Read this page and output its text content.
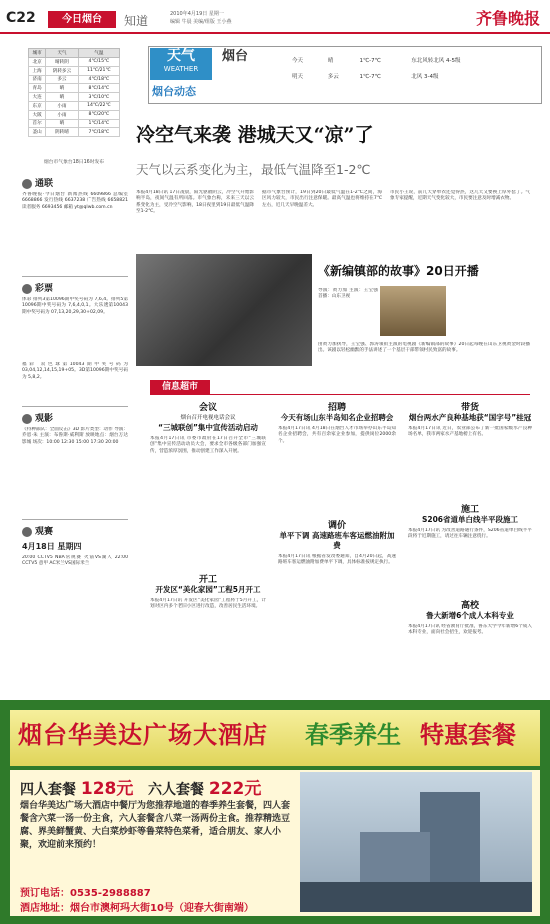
C22	今日烟台	知道	2010年4月19日 星期一
编辑 牛晨 美编/组版 王小燕	齐鲁晚报
城市	天气	气温
北京	晴转阴	4℃/15℃
上海	阴转多云	11℃/21℃
济南	多云	4℃/18℃
青岛	晴	8℃/14℃
大连	晴	3℃/10℃
东京	小雨	14℃/22℃
大阪	小雨	8℃/20℃
首尔	晴	1℃/14℃
釜山	阴转晴	7℃/18℃
烟台市气象台18日16时发布
天气
WEATHER
烟台动态
烟台	今天	晴	1℃-7℃	东北风转北风 4-5级
明天	多云	1℃-7℃	北风 3-4级
冷空气来袭 港城天又“凉”了
天气以云系变化为主，最低气温降至1-2℃
通联
齐鲁晚报·今日烟台 新闻热线 6609866 总编室 6668866 发行热线 6637238 广告热线 6658821 读者服务 6693456 邮箱 yt@qlwb.com.cn
彩票
体彩 排列3第10096期中奖号码为 7,6,4。排列5第10096期中奖号码为 7,6,4,0,1。大乐透第10043期中奖号码为 07,13,20,29,30+02,09。
福彩 双色球第10043期中奖号码为 03,04,12,14,15,19+05。3D第10096期中奖号码为 5,8,2。
观影
《特种部队：全面反击》3D 影片类型：动作 导演：乔恩·朱 主演：布鲁斯·威利斯 放映地点：烟台万达影城 场次：10:00 12:30 15:00 17:30 20:00
观赛
4月18日 星期四
20:00 CCTV5 NBA常规赛 火箭VS湖人 22:00 CCTV5 意甲 AC米兰VS国际米兰
本报4月18日讯 17日凌晨，阳光驱散阴云，冷空气开始影响半岛，夜间气温有所回落。市气象台称，未来三天以云系变化为主，受冷空气影响，18日夜里到19日最低气温降至1-2℃。
据市气象台预计，19日到20日最低气温在1-2℃之间，海区风力较大，市民出行注意保暖。最高气温也将维持在7℃左右，近几天早晚温差大。
市民小王说，前几天穿单衣还觉得热，这几天又要换上厚外套了。气象专家提醒，近期天气变化较大，市民要注意及时增减衣物。
《新编镇部的故事》20日开播
导演：黄力加 主演：王宝强 首播：山东卫视
由黄力加执导，王宝强、郭涛领衔主演的电视剧《新编镇部的故事》20日起每晚在山东卫视黄金时段播出。该剧以轻松幽默的手法讲述了一个基层干部带领村民致富的故事。
信息超市
会议
烟台召开电视电话会议
“三城联创”集中宣传活动启动
本报4月17日讯 市委市政府在17日召开全市“三城联创”集中宣传活动动员大会，要求全市各级各部门加强宣传，营造浓厚氛围，推动创建工作深入开展。
开工
开发区“美化家园”工程5月开工
本报4月17日讯 开发区“美化家园”工程将于5月开工，计划对区内多个老旧小区进行改造，改善居民生活环境。
招聘
今天有场山东半岛知名企业招聘会
本报4月17日讯 4月18日在烟台人才市场举办山东半岛知名企业招聘会，共有百余家企业参加，提供岗位2000余个。
调价
单平下调 高速路班车客运燃油附加费
本报4月17日讯 根据省发改委通知，自4月20日起，高速路班车客运燃油附加费单平下调，具体标准按规定执行。
带货
烟台两水产良种基地获“国字号”桂冠
本报4月17日讯 近日，农业部公布了新一批国家级水产良种场名单，我市两家水产基地榜上有名。
施工
S206省道单白线半平段施工
本报4月17日讯 为改善道路通行条件，S206省道单白线半平段将于近期施工，请过往车辆注意绕行。
高校
鲁大新增6个成人本科专业
本报4月17日讯 经省教育厅批准，鲁东大学今年新增6个成人本科专业，面向社会招生，欢迎报考。
烟台华美达广场大酒店 春季养生 特惠套餐
四人套餐 128元 六人套餐 222元
烟台华美达广场大酒店中餐厅为您推荐地道的春季养生套餐，四人套餐含六菜一汤一份主食，六人套餐含八菜一汤两份主食。推荐精选豆腐、界美鲜蟹黄、大白菜炒虾等鲁菜特色菜肴，适合朋友、家人小聚，欢迎前来预约！
预订电话：0535-2988887
酒店地址：烟台市澳柯玛大街10号（迎春大街南端）
